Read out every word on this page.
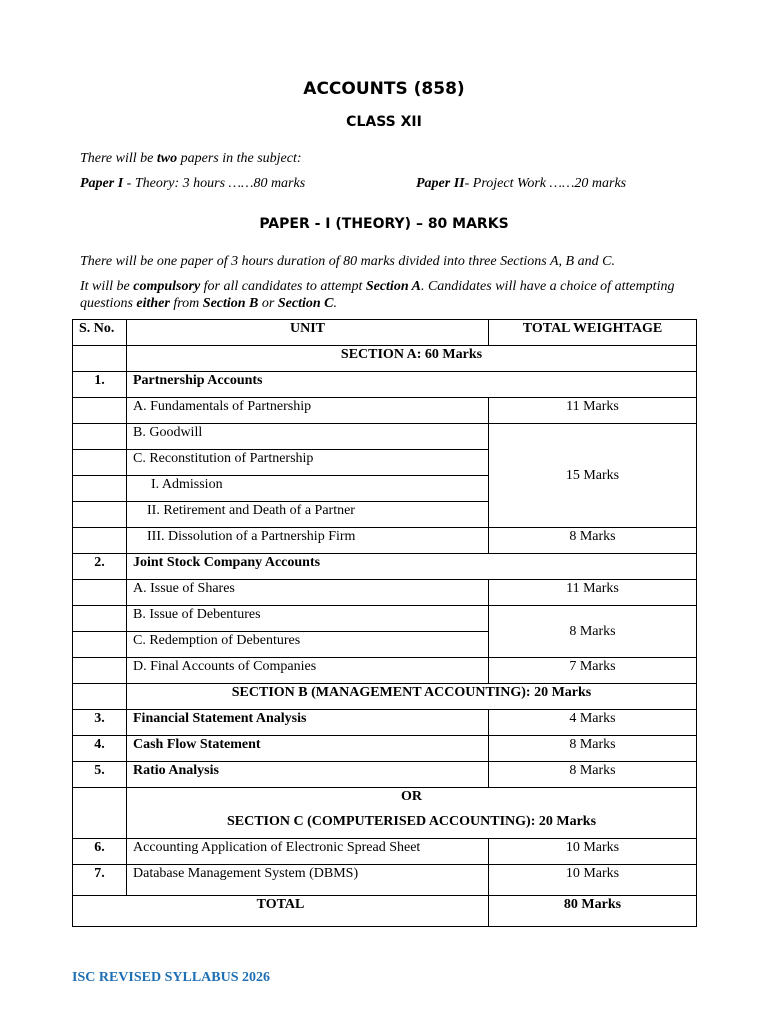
ACCOUNTS (858)
CLASS XII
There will be two papers in the subject:
Paper I - Theory: 3 hours ……80 marks	Paper II- Project Work ……20 marks
PAPER - I (THEORY) – 80 MARKS
There will be one paper of 3 hours duration of 80 marks divided into three Sections A, B and C.
It will be compulsory for all candidates to attempt Section A. Candidates will have a choice of attempting questions either from Section B or Section C.
S. No.	UNIT	TOTAL WEIGHTAGE
	SECTION A: 60 Marks	
1.	Partnership Accounts	
	A. Fundamentals of Partnership	11 Marks
	B. Goodwill	15 Marks
	C. Reconstitution of Partnership	
	I. Admission	
	II. Retirement and Death of a Partner	
	III. Dissolution of a Partnership Firm	8 Marks
2.	Joint Stock Company Accounts	
	A. Issue of Shares	11 Marks
	B. Issue of Debentures	8 Marks
	C. Redemption of Debentures	
	D. Final Accounts of Companies	7 Marks
	SECTION B (MANAGEMENT ACCOUNTING): 20 Marks	
3.	Financial Statement Analysis	4 Marks
4.	Cash Flow Statement	8 Marks
5.	Ratio Analysis	8 Marks

	OR
SECTION C (COMPUTERISED ACCOUNTING): 20 Marks	

6.	Accounting Application of Electronic Spread Sheet	10 Marks
7.	Database Management System (DBMS)	10 Marks
TOTAL		80 Marks
ISC REVISED SYLLABUS 2026
